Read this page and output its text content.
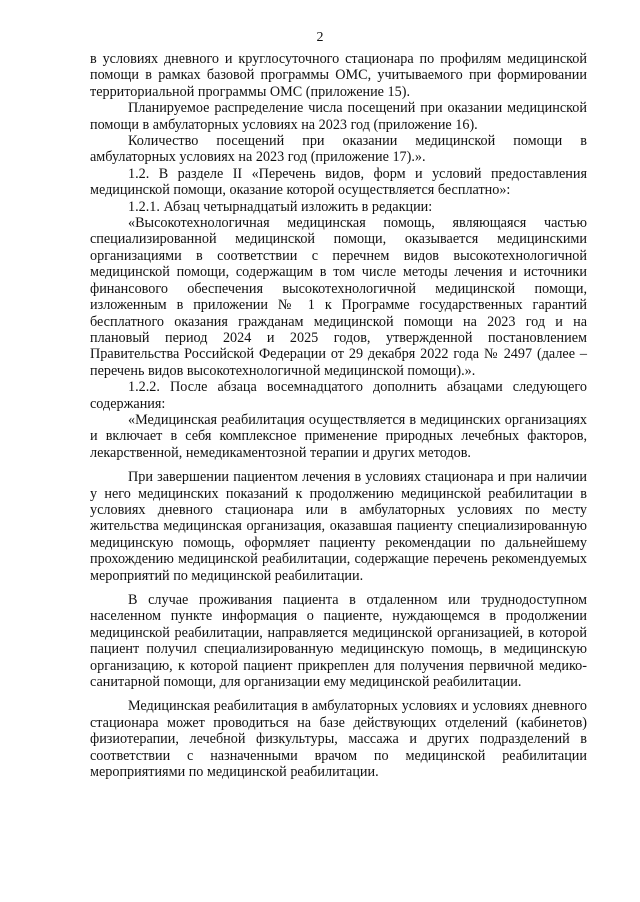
2

в условиях дневного и круглосуточного стационара по профилям медицинской помощи в рамках базовой программы ОМС, учитываемого при формировании территориальной программы ОМС (приложение 15).

Планируемое распределение числа посещений при оказании медицинской помощи в амбулаторных условиях на 2023 год (приложение 16).

Количество посещений при оказании медицинской помощи в амбулаторных условиях на 2023 год (приложение 17).».

1.2. В разделе II «Перечень видов, форм и условий предоставления медицинской помощи, оказание которой осуществляется бесплатно»:

1.2.1. Абзац четырнадцатый изложить в редакции:

«Высокотехнологичная медицинская помощь, являющаяся частью специализированной медицинской помощи, оказывается медицинскими организациями в соответствии с перечнем видов высокотехнологичной медицинской помощи, содержащим в том числе методы лечения и источники финансового обеспечения высокотехнологичной медицинской помощи, изложенным в приложении № 1 к Программе государственных гарантий бесплатного оказания гражданам медицинской помощи на 2023 год и на плановый период 2024 и 2025 годов, утвержденной постановлением Правительства Российской Федерации от 29 декабря 2022 года № 2497 (далее – перечень видов высокотехнологичной медицинской помощи).».

1.2.2. После абзаца восемнадцатого дополнить абзацами следующего содержания:

«Медицинская реабилитация осуществляется в медицинских организациях и включает в себя комплексное применение природных лечебных факторов, лекарственной, немедикаментозной терапии и других методов.

При завершении пациентом лечения в условиях стационара и при наличии у него медицинских показаний к продолжению медицинской реабилитации в условиях дневного стационара или в амбулаторных условиях по месту жительства медицинская организация, оказавшая пациенту специализированную медицинскую помощь, оформляет пациенту рекомендации по дальнейшему прохождению медицинской реабилитации, содержащие перечень рекомендуемых мероприятий по медицинской реабилитации.

В случае проживания пациента в отдаленном или труднодоступном населенном пункте информация о пациенте, нуждающемся в продолжении медицинской реабилитации, направляется медицинской организацией, в которой пациент получил специализированную медицинскую помощь, в медицинскую организацию, к которой пациент прикреплен для получения первичной медико-санитарной помощи, для организации ему медицинской реабилитации.

Медицинская реабилитация в амбулаторных условиях и условиях дневного стационара может проводиться на базе действующих отделений (кабинетов) физиотерапии, лечебной физкультуры, массажа и других подразделений в соответствии с назначенными врачом по медицинской реабилитации мероприятиями по медицинской реабилитации.
